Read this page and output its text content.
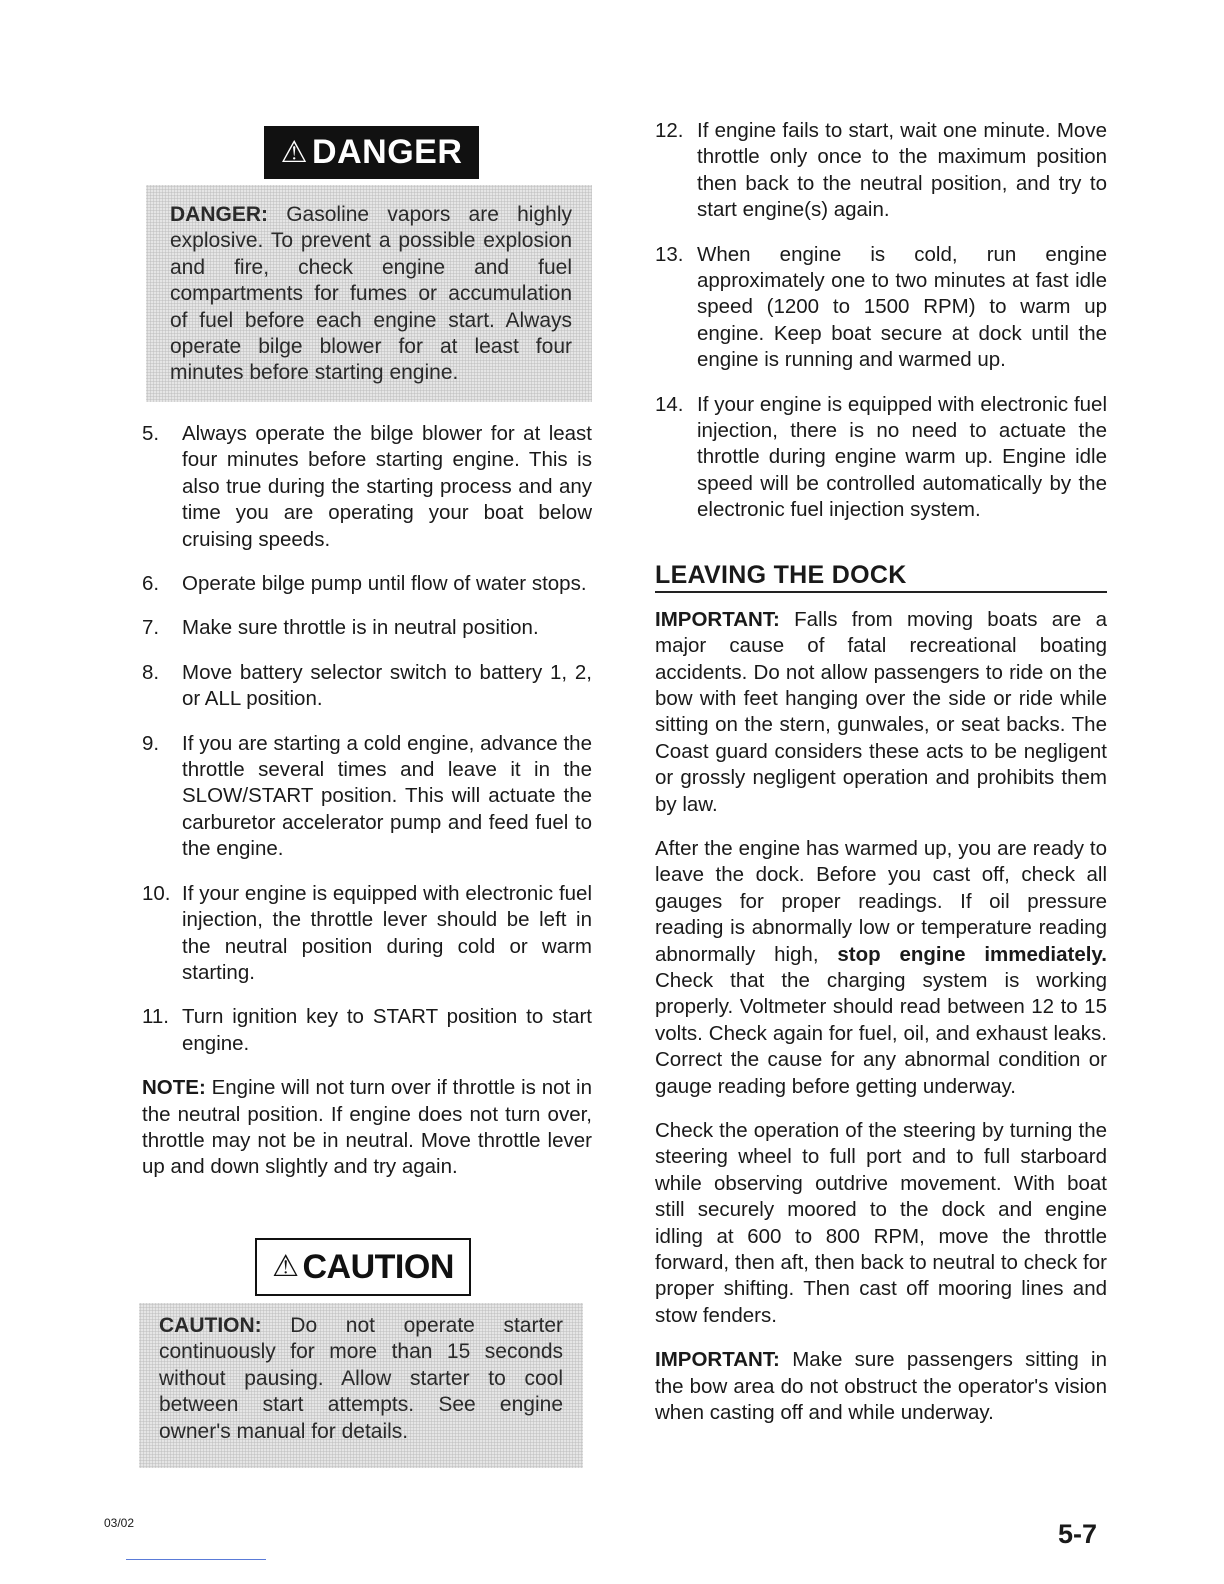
⚠ DANGER
DANGER: Gasoline vapors are highly explosive. To prevent a possible explosion and fire, check engine and fuel compartments for fumes or accumulation of fuel before each engine start. Always operate bilge blower for at least four minutes before starting engine.
5. Always operate the bilge blower for at least four minutes before starting engine. This is also true during the starting process and any time you are operating your boat below cruising speeds.
6. Operate bilge pump until flow of water stops.
7. Make sure throttle is in neutral position.
8. Move battery selector switch to battery 1, 2, or ALL position.
9. If you are starting a cold engine, advance the throttle several times and leave it in the SLOW/START position. This will actuate the carburetor accelerator pump and feed fuel to the engine.
10. If your engine is equipped with electronic fuel injection, the throttle lever should be left in the neutral position during cold or warm starting.
11. Turn ignition key to START position to start engine.

NOTE: Engine will not turn over if throttle is not in the neutral position. If engine does not turn over, throttle may not be in neutral. Move throttle lever up and down slightly and try again.

⚠ CAUTION
CAUTION: Do not operate starter continuously for more than 15 seconds without pausing. Allow starter to cool between start attempts. See engine owner's manual for details.
12. If engine fails to start, wait one minute. Move throttle only once to the maximum position then back to the neutral position, and try to start engine(s) again.
13. When engine is cold, run engine approximately one to two minutes at fast idle speed (1200 to 1500 RPM) to warm up engine. Keep boat secure at dock until the engine is running and warmed up.
14. If your engine is equipped with electronic fuel injection, there is no need to actuate the throttle during engine warm up. Engine idle speed will be controlled automatically by the electronic fuel injection system.
LEAVING THE DOCK

IMPORTANT: Falls from moving boats are a major cause of fatal recreational boating accidents. Do not allow passengers to ride on the bow with feet hanging over the side or ride while sitting on the stern, gunwales, or seat backs. The Coast guard considers these acts to be negligent or grossly negligent operation and prohibits them by law.

After the engine has warmed up, you are ready to leave the dock. Before you cast off, check all gauges for proper readings. If oil pressure reading is abnormally low or temperature reading abnormally high, stop engine immediately. Check that the charging system is working properly. Voltmeter should read between 12 to 15 volts. Check again for fuel, oil, and exhaust leaks. Correct the cause for any abnormal condition or gauge reading before getting underway.

Check the operation of the steering by turning the steering wheel to full port and to full starboard while observing outdrive movement. With boat still securely moored to the dock and engine idling at 600 to 800 RPM, move the throttle forward, then aft, then back to neutral to check for proper shifting. Then cast off mooring lines and stow fenders.

IMPORTANT: Make sure passengers sitting in the bow area do not obstruct the operator's vision when casting off and while underway.

03/02	5-7
